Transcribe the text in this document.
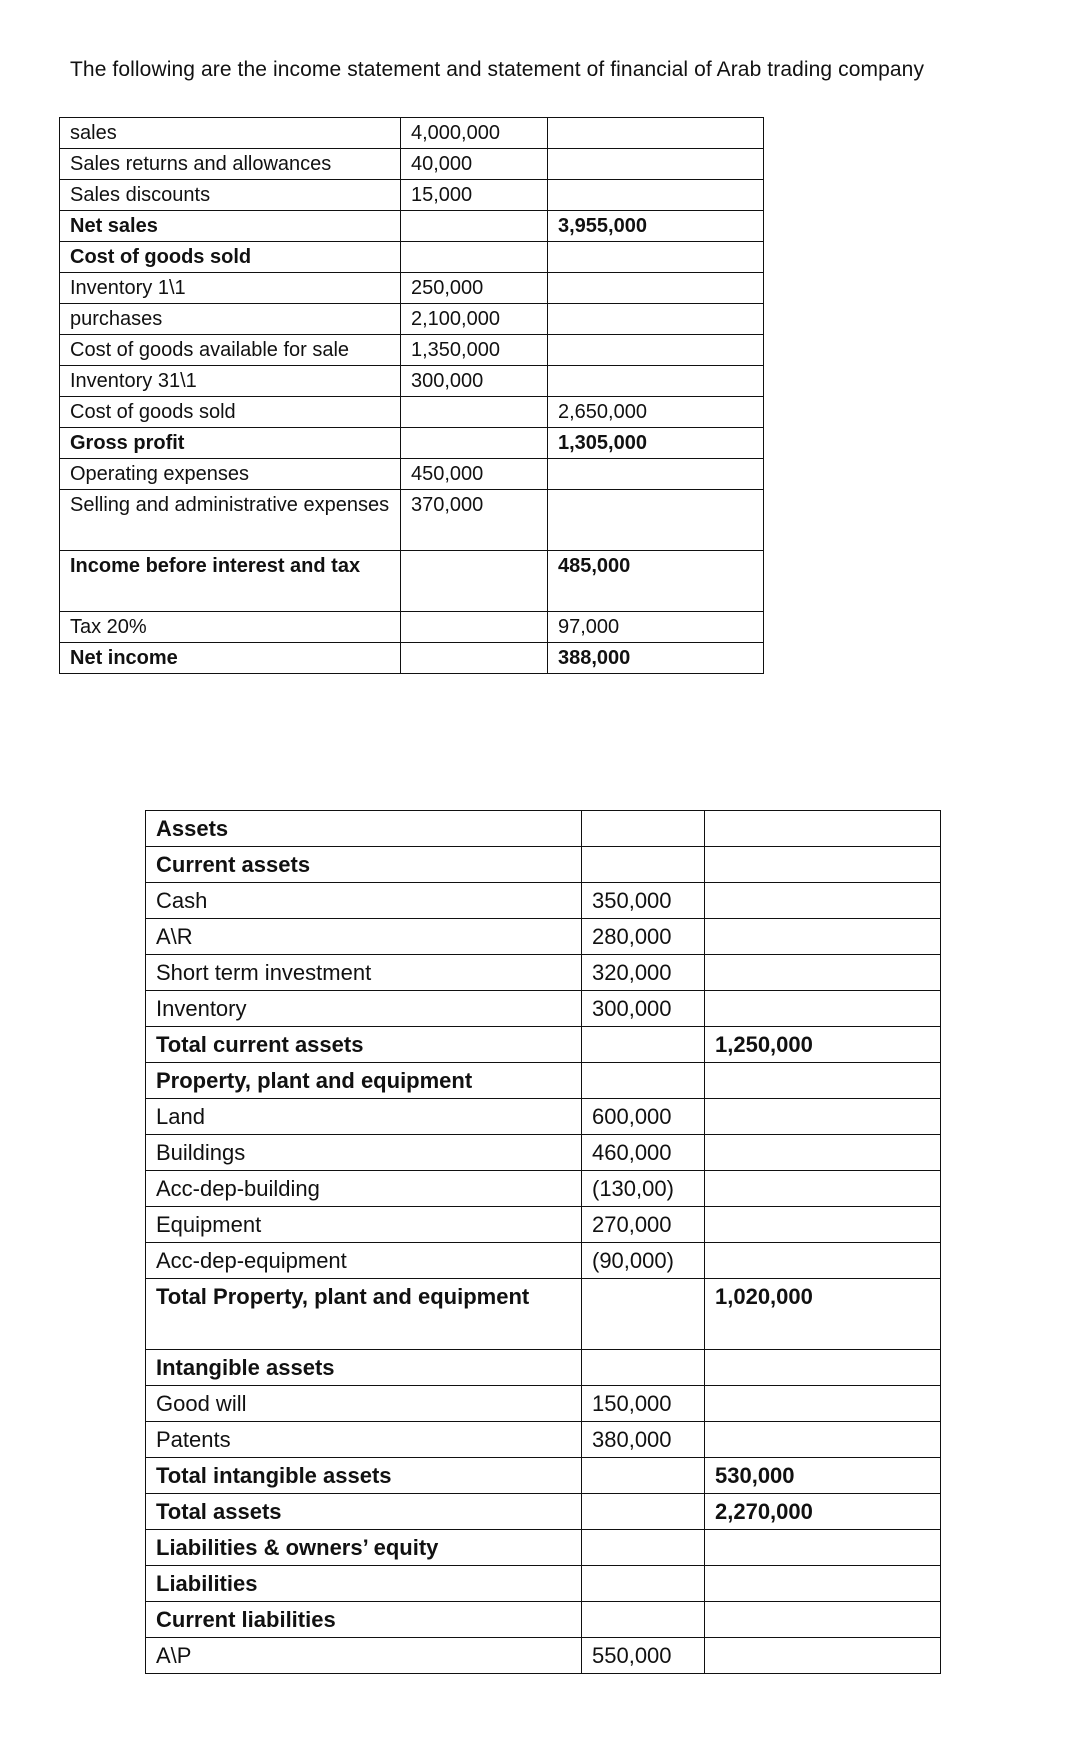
The following are the income statement and statement of financial of Arab trading company
sales	4,000,000	
Sales returns and allowances	40,000	
Sales discounts	15,000	
Net sales		3,955,000
Cost of goods sold		
Inventory 1\1	250,000	
purchases	2,100,000	
Cost of goods available for sale	1,350,000	
Inventory 31\1	300,000	
Cost of goods sold		2,650,000
Gross profit		1,305,000
Operating expenses	450,000	
Selling and administrative expenses	370,000	
Income before interest and tax		485,000
Tax 20%		97,000
Net income		388,000
Assets		
Current assets		
Cash	350,000	
A\R	280,000	
Short term investment	320,000	
Inventory	300,000	
Total current assets		1,250,000
Property, plant and equipment		
Land	600,000	
Buildings	460,000	
Acc-dep-building	(130,00)	
Equipment	270,000	
Acc-dep-equipment	(90,000)	
Total Property, plant and equipment		1,020,000
Intangible assets		
Good will	150,000	
Patents	380,000	
Total intangible assets		530,000
Total assets		2,270,000
Liabilities & owners’ equity		
Liabilities		
Current liabilities		
A\P	550,000	
